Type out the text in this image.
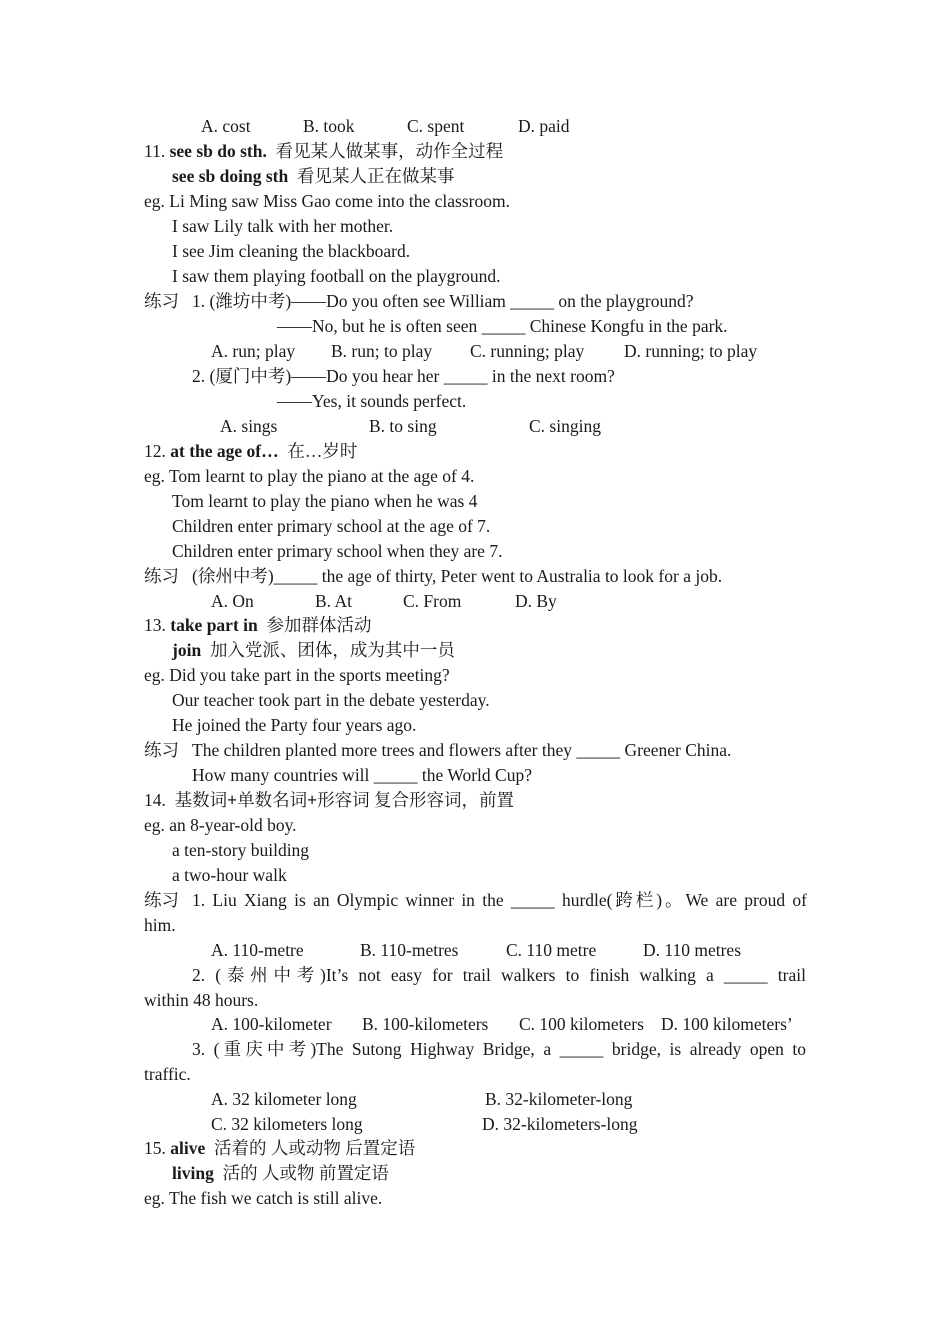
A. cost	B. took	C. spent	D. paid
11. see sb do sth. 看见某人做某事，动作全过程
see sb doing sth 看见某人正在做某事
eg. Li Ming saw Miss Gao come into the classroom.
I saw Lily talk with her mother.
I see Jim cleaning the blackboard.
I saw them playing football on the playground.
练习 1. (潍坊中考)——Do you often see William _____ on the playground?
——No, but he is often seen _____ Chinese Kongfu in the park.
A. run; play B. run; to play C. running; play D. running; to play
2. (厦门中考)——Do you hear her _____ in the next room?
——Yes, it sounds perfect.
A. sings	B. to sing	C. singing
12. at the age of… 在…岁时
eg. Tom learnt to play the piano at the age of 4.
Tom learnt to play the piano when he was 4
Children enter primary school at the age of 7.
Children enter primary school when they are 7.
练习 (徐州中考)_____ the age of thirty, Peter went to Australia to look for a job.
A. On	B. At	C. From	D. By
13. take part in 参加群体活动
join 加入党派、团体，成为其中一员
eg. Did you take part in the sports meeting?
Our teacher took part in the debate yesterday.
He joined the Party four years ago.
练习 The children planted more trees and flowers after they _____ Greener China.
How many countries will _____ the World Cup?
14. 基数词+单数名词+形容词 复合形容词，前置
eg. an 8-year-old boy.
a ten-story building
a two-hour walk
练习 1. Liu Xiang is an Olympic winner in the _____ hurdle(跨栏)。We are proud of
him.
A. 110-metre	B. 110-metres	C. 110 metre	D. 110 metres
2. (泰州中考)It’s not easy for trail walkers to finish walking a _____ trail
within 48 hours.
A. 100-kilometer B. 100-kilometers C. 100 kilometers D. 100 kilometers’
3. (重庆中考)The Sutong Highway Bridge, a _____ bridge, is already open to
traffic.
A. 32 kilometer long	B. 32-kilometer-long
C. 32 kilometers long	D. 32-kilometers-long
15. alive 活着的 人或动物 后置定语
living 活的 人或物 前置定语
eg. The fish we catch is still alive.
